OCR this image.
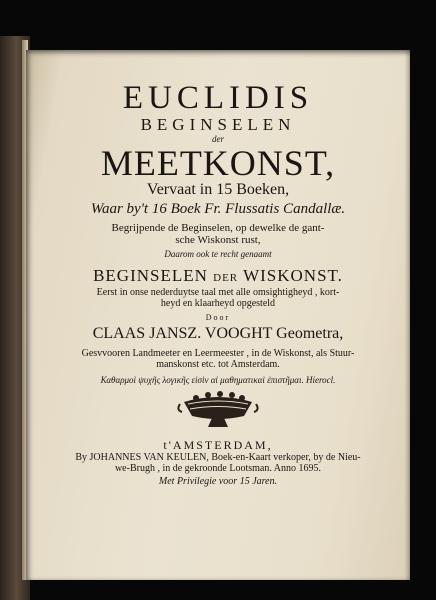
EUCLIDIS
BEGINSELEN
der
MEETKONST,
Vervaat in 15 Boeken,
Waar by't 16 Boek Fr. Flussatis Candallæ.
Begrijpende de Beginselen, op dewelke de gant-
sche Wiskonst rust,
Daarom ook te recht genaamt
BEGINSELEN DER WISKONST.
Eerst in onse nederduytse taal met alle omsightigheyd , kort-
heyd en klaarheyd opgesteld
Door
CLAAS JANSZ. VOOGHT Geometra,
Gesvvooren Landmeeter en Leermeester , in de Wiskonst, als Stuur-
manskonst etc. tot Amsterdam.
Καθαρμοὶ ψυχῆς λογικῆς εἰσὶν αἱ μαθηματικαὶ ἐπιστῆμαι. Hierocl.
t'AMSTERDAM,
By JOHANNES VAN KEULEN, Boek-en-Kaart verkoper, by de Nieu-
we-Brugh , in de gekroonde Lootsman. Anno 1695.
Met Privilegie voor 15 Jaren.
